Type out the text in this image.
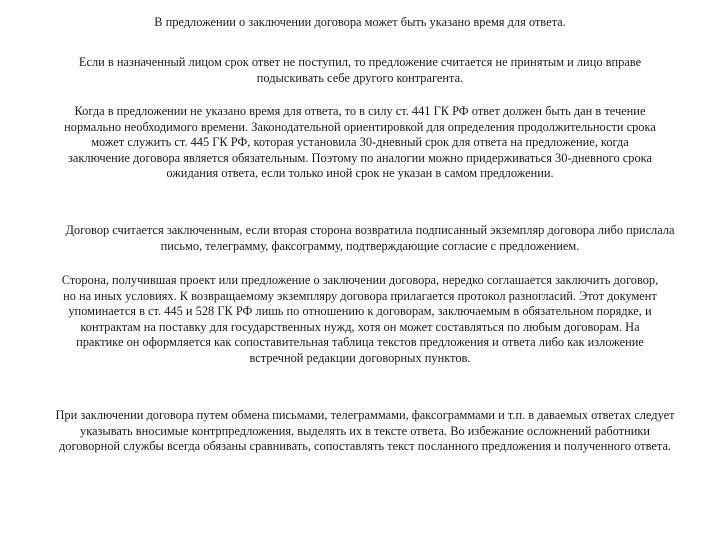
В предложении о заключении договора может быть указано время для ответа.

Если в назначенный лицом срок ответ не поступил, то предложение считается не принятым и лицо вправе подыскивать себе другого контрагента.

Когда в предложении не указано время для ответа, то в силу ст. 441 ГК РФ ответ должен быть дан в течение нормально необходимого времени. Законодательной ориентировкой для определения продолжительности срока может служить ст. 445 ГК РФ, которая установила 30-дневный срок для ответа на предложение, когда заключение договора является обязательным. Поэтому по аналогии можно придерживаться 30-дневного срока ожидания ответа, если только иной срок не указан в самом предложении.

Договор считается заключенным, если вторая сторона возвратила подписанный экземпляр договора либо прислала письмо, телеграмму, факсограмму, подтверждающие согласие с предложением.

Сторона, получившая проект или предложение о заключении договора, нередко соглашается заключить договор, но на иных условиях. К возвращаемому экземпляру договора прилагается протокол разногласий. Этот документ упоминается в ст. 445 и 528 ГК РФ лишь по отношению к договорам, заключаемым в обязательном порядке, и контрактам на поставку для государственных нужд, хотя он может составляться по любым договорам. На практике он оформляется как сопоставительная таблица текстов предложения и ответа либо как изложение встречной редакции договорных пунктов.

При заключении договора путем обмена письмами, телеграммами, факсограммами и т.п. в даваемых ответах следует указывать вносимые контрпредложения, выделять их в тексте ответа. Во избежание осложнений работники договорной службы всегда обязаны сравнивать, сопоставлять текст посланного предложения и полученного ответа.
